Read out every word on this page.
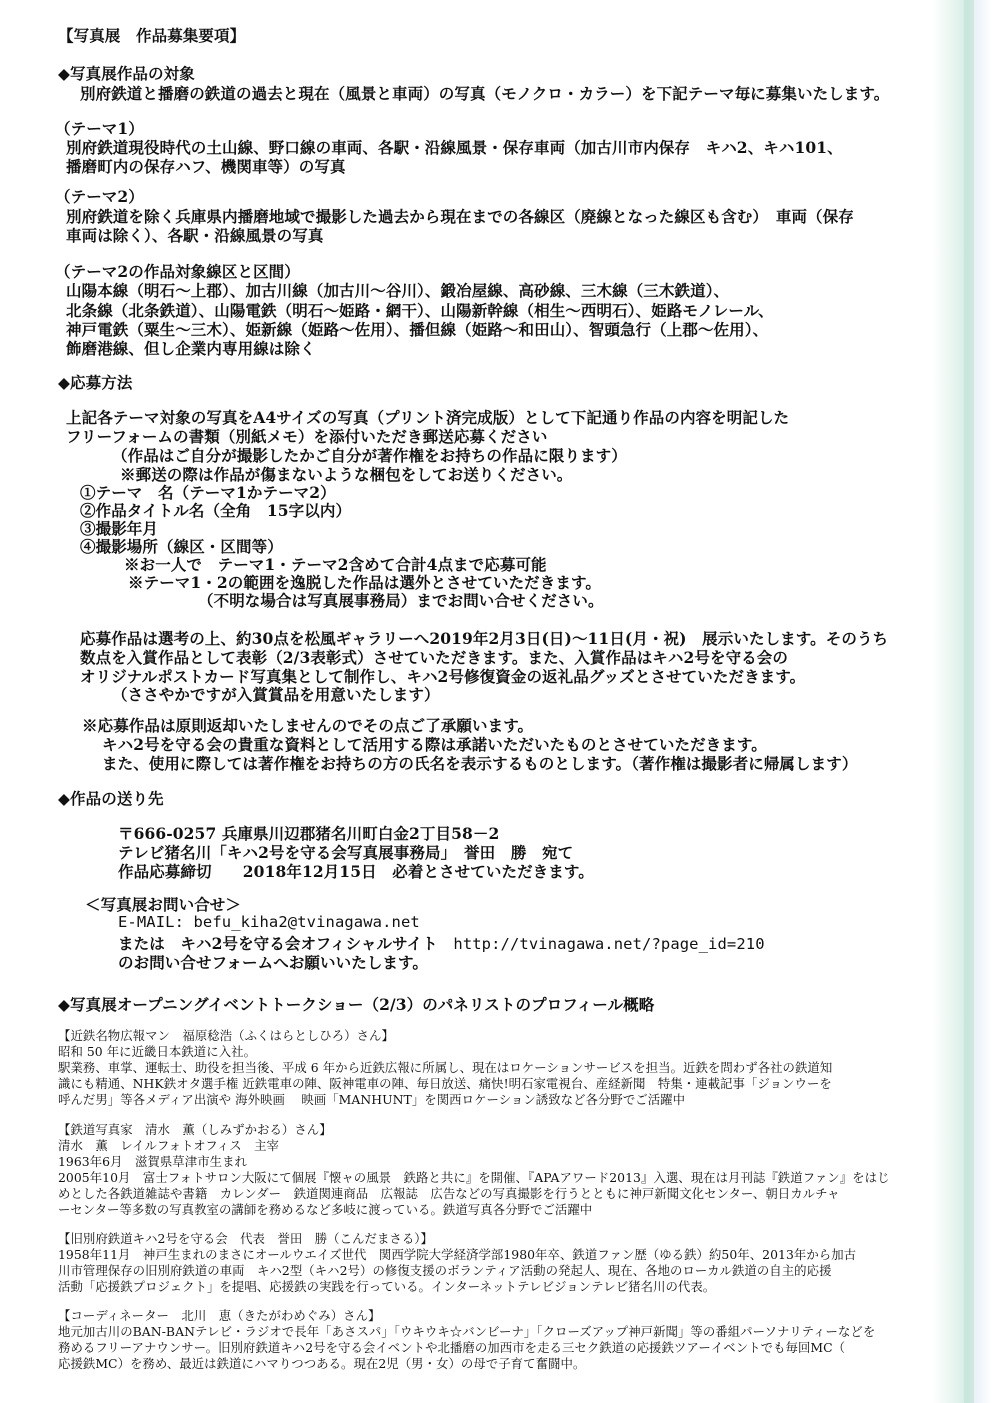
【写真展　作品募集要項】
◆写真展作品の対象
別府鉄道と播磨の鉄道の過去と現在（風景と車両）の写真（モノクロ・カラー）を下記テーマ毎に募集いたします。
（テーマ1）
別府鉄道現役時代の土山線、野口線の車両、各駅・沿線風景・保存車両（加古川市内保存　キハ2、キハ101、
播磨町内の保存ハフ、機関車等）の写真
（テーマ2）
別府鉄道を除く兵庫県内播磨地域で撮影した過去から現在までの各線区（廃線となった線区も含む）　車両（保存
車両は除く）、各駅・沿線風景の写真
（テーマ2の作品対象線区と区間）
山陽本線（明石～上郡）、加古川線（加古川～谷川）、鍛冶屋線、高砂線、三木線（三木鉄道）、
北条線（北条鉄道）、山陽電鉄（明石～姫路・網干）、山陽新幹線（相生～西明石）、姫路モノレール、
神戸電鉄（粟生～三木）、姫新線（姫路～佐用）、播但線（姫路～和田山）、智頭急行（上郡～佐用）、
飾磨港線、但し企業内専用線は除く
◆応募方法
上記各テーマ対象の写真をA4サイズの写真（プリント済完成版）として下記通り作品の内容を明記した
フリーフォームの書類（別紙メモ）を添付いただき郵送応募ください
（作品はご自分が撮影したかご自分が著作権をお持ちの作品に限ります）
※郵送の際は作品が傷まないような梱包をしてお送りください。
①テーマ　名（テーマ1かテーマ2）
②作品タイトル名（全角　15字以内）
③撮影年月
④撮影場所（線区・区間等）
※お一人で　テーマ1・テーマ2含めて合計4点まで応募可能
※テーマ1・2の範囲を逸脱した作品は選外とさせていただきます。
（不明な場合は写真展事務局）までお問い合せください。
応募作品は選考の上、約30点を松風ギャラリーへ2019年2月3日(日)～11日(月・祝)　展示いたします。そのうち
数点を入賞作品として表彰（2/3表彰式）させていただきます。また、入賞作品はキハ2号を守る会の
オリジナルポストカード写真集として制作し、キハ2号修復資金の返礼品グッズとさせていただきます。
（ささやかですが入賞賞品を用意いたします）
※応募作品は原則返却いたしませんのでその点ご了承願います。
キハ2号を守る会の貴重な資料として活用する際は承諾いただいたものとさせていただきます。
また、使用に際しては著作権をお持ちの方の氏名を表示するものとします。（著作権は撮影者に帰属します）
◆作品の送り先
〒666-0257 兵庫県川辺郡猪名川町白金2丁目58－2
テレビ猪名川「キハ2号を守る会写真展事務局」　誉田　勝　宛て
作品応募締切　　2018年12月15日　必着とさせていただきます。
＜写真展お問い合せ＞
E-MAIL: befu_kiha2@tvinagawa.net
または　キハ2号を守る会オフィシャルサイト　http://tvinagawa.net/?page_id=210
のお問い合せフォームへお願いいたします。
◆写真展オープニングイベントトークショー（2/3）のパネリストのプロフィール概略
【近鉄名物広報マン　福原稔浩（ふくはらとしひろ）さん】
昭和 50 年に近畿日本鉄道に入社。
駅業務、車掌、運転士、助役を担当後、平成 6 年から近鉄広報に所属し、現在はロケーションサービスを担当。近鉄を問わず各社の鉄道知
識にも精通、NHK鉄オタ選手権 近鉄電車の陣、阪神電車の陣、毎日放送、痛快!明石家電視台、産経新聞　特集・連載記事「ジョンウーを
呼んだ男」等各メディア出演や 海外映画　 映画「MANHUNT」を関西ロケーション誘致など各分野でご活躍中
【鉄道写真家　清水　薫（しみずかおる）さん】
清水　薫　レイルフォトオフィス　主宰
1963年6月　滋賀県草津市生まれ
2005年10月　富士フォトサロン大阪にて個展『懐ャの風景　鉄路と共に』を開催、『APAアワード2013』入選、現在は月刊誌『鉄道ファン』をはじ
めとした各鉄道雑誌や書籍　カレンダー　鉄道関連商品　広報誌　広告などの写真撮影を行うとともに神戸新聞文化センター、朝日カルチャ
ーセンター等多数の写真教室の講師を務めるなど多岐に渡っている。鉄道写真各分野でご活躍中
【旧別府鉄道キハ2号を守る会　代表　誉田　勝（こんだまさる）】
1958年11月　神戸生まれのまさにオールウエイズ世代　関西学院大学経済学部1980年卒、鉄道ファン歴（ゆる鉄）約50年、2013年から加古
川市管理保存の旧別府鉄道の車両　キハ2型（キハ2号）の修復支援のボランティア活動の発起人、現在、各地のローカル鉄道の自主的応援
活動「応援鉄プロジェクト」を提唱、応援鉄の実践を行っている。インターネットテレビジョンテレビ猪名川の代表。
【コーディネーター　北川　恵（きたがわめぐみ）さん】
地元加古川のBAN-BANテレビ・ラジオで長年「あさスパ」「ウキウキ☆バンビーナ」「クローズアップ神戸新聞」等の番組パーソナリティーなどを
務めるフリーアナウンサー。旧別府鉄道キハ2号を守る会イベントや北播磨の加西市を走る三セク鉄道の応援鉄ツアーイベントでも毎回MC（
応援鉄MC）を務め、最近は鉄道にハマりつつある。現在2児（男・女）の母で子育て奮闘中。
